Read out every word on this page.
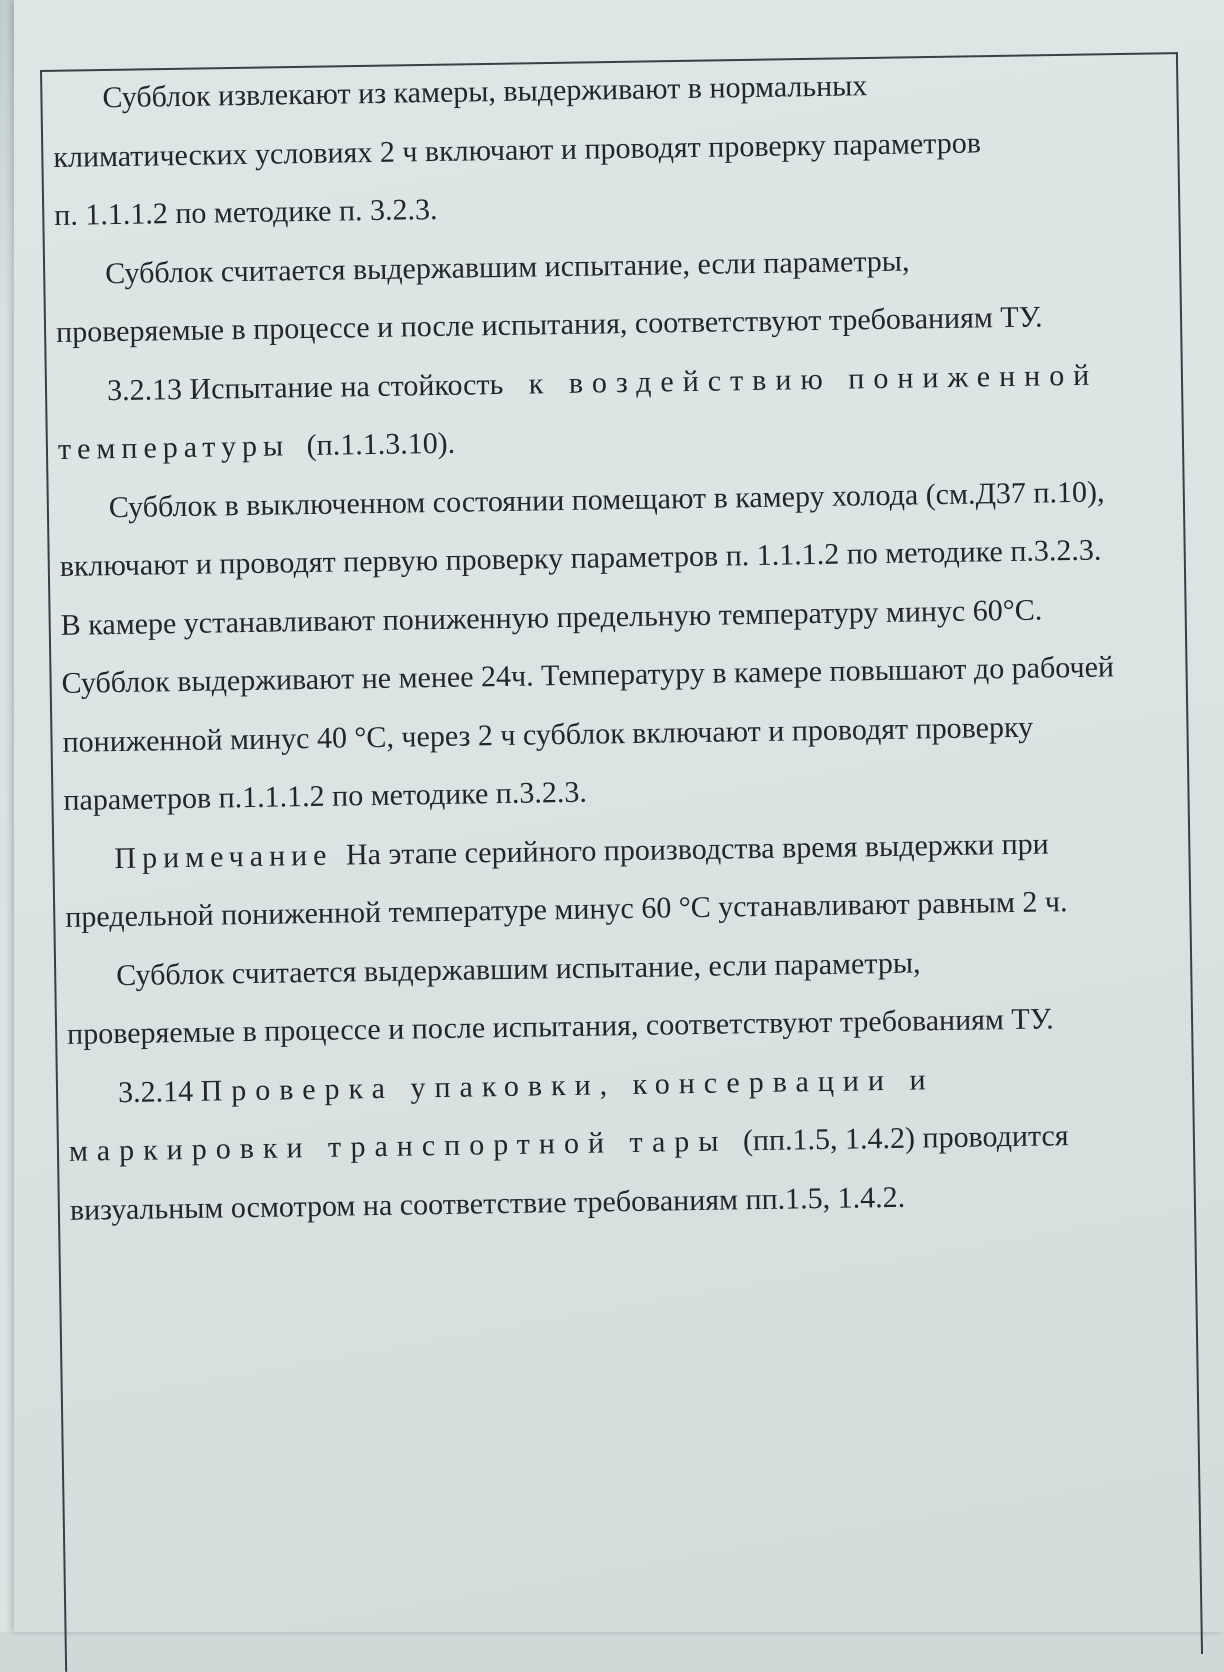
Субблок извлекают из камеры, выдерживают в нормальных
климатических условиях 2 ч включают и проводят проверку параметров
п. 1.1.1.2 по методике п. 3.2.3.
Субблок считается выдержавшим испытание, если параметры,
проверяемые в процессе и после испытания, соответствуют требованиям ТУ.
3.2.13 Испытание на стойкость к воздействию пониженной
температуры (п.1.1.3.10).
Субблок в выключенном состоянии помещают в камеру холода (см.Д37 п.10),
включают и проводят первую проверку параметров п. 1.1.1.2 по методике п.3.2.3.
В камере устанавливают пониженную предельную температуру минус 60°С.
Субблок выдерживают не менее 24ч. Температуру в камере повышают до рабочей
пониженной минус 40 °С, через 2 ч субблок включают и проводят проверку
параметров п.1.1.1.2 по методике п.3.2.3.
Примечание На этапе серийного производства время выдержки при
предельной пониженной температуре минус 60 °С устанавливают равным 2 ч.
Субблок считается выдержавшим испытание, если параметры,
проверяемые в процессе и после испытания, соответствуют требованиям ТУ.
3.2.14 Проверка упаковки, консервации и
маркировки транспортной тары (пп.1.5, 1.4.2) проводится
визуальным осмотром на соответствие требованиям пп.1.5, 1.4.2.
